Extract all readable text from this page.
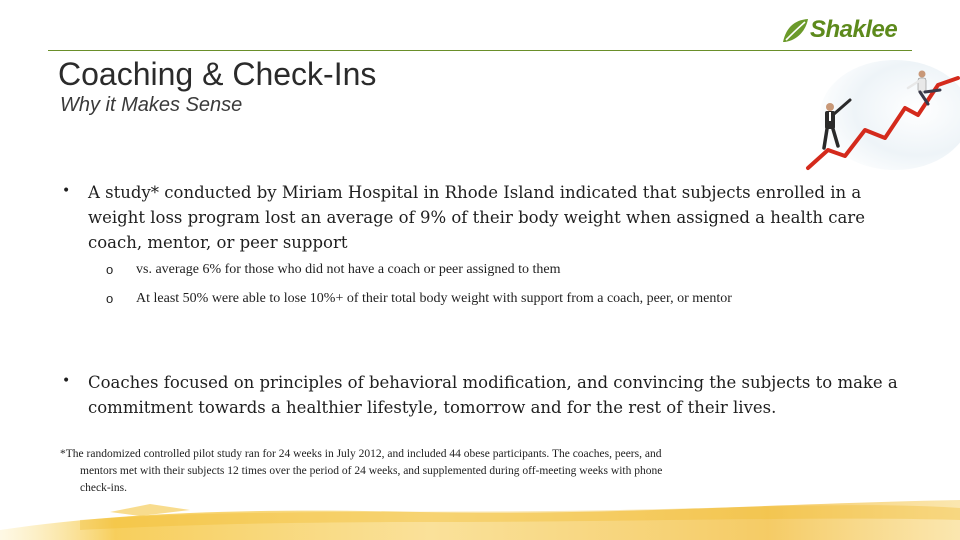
Shaklee
Coaching & Check-Ins
Why it Makes Sense
• A study* conducted by Miriam Hospital in Rhode Island indicated that subjects enrolled in a weight loss program lost an average of 9% of their body weight when assigned a health care coach, mentor, or peer support
o vs. average 6% for those who did not have a coach or peer assigned to them
o At least 50% were able to lose 10%+ of their total body weight with support from a coach, peer, or mentor
• Coaches focused on principles of behavioral modification, and convincing the subjects to make a commitment towards a healthier lifestyle, tomorrow and for the rest of their lives.
*The randomized controlled pilot study ran for 24 weeks in July 2012, and included 44 obese participants. The coaches, peers, and
mentors met with their subjects 12 times over the period of 24 weeks, and supplemented during off-meeting weeks with phone
check-ins.
